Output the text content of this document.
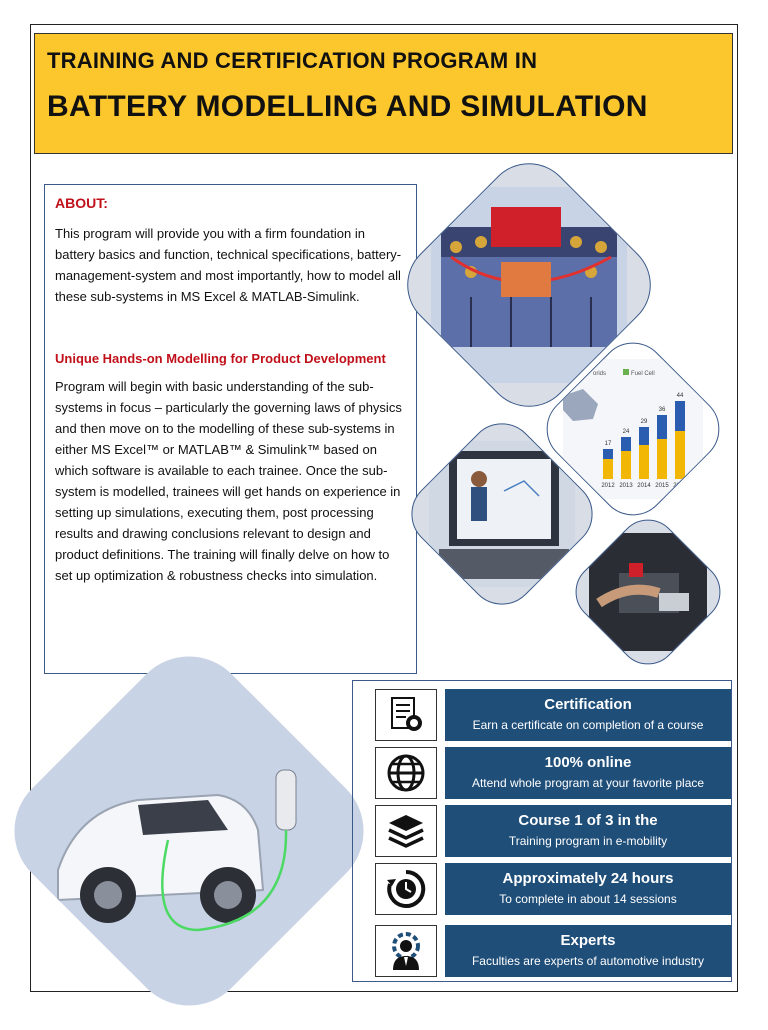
TRAINING AND CERTIFICATION PROGRAM IN
BATTERY MODELLING AND SIMULATION
ABOUT:

This program will provide you with a firm foundation in battery basics and function, technical specifications, battery-management-system and most importantly, how to model all these sub-systems in MS Excel & MATLAB-Simulink.

Unique Hands-on Modelling for Product Development

Program will begin with basic understanding of the sub-systems in focus – particularly the governing laws of physics and then move on to the modelling of these sub-systems in either MS Excel™ or MATLAB™ & Simulink™ based on which software is available to each trainee. Once the sub-system is modelled, trainees will get hands on experience in setting up simulations, executing them, post processing results and drawing conclusions relevant to design and product definitions. The training will finally delve on how to set up optimization & robustness checks into simulation.

Fuel Cell
orids
17
24
29
36
44
2012 2013 2014 2015 2016
Certification
Earn a certificate on completion of a course
100% online
Attend whole program at your favorite place
Course 1 of 3 in the
Training program in e-mobility
Approximately 24 hours
To complete in about 14 sessions
Experts
Faculties are experts of automotive industry
